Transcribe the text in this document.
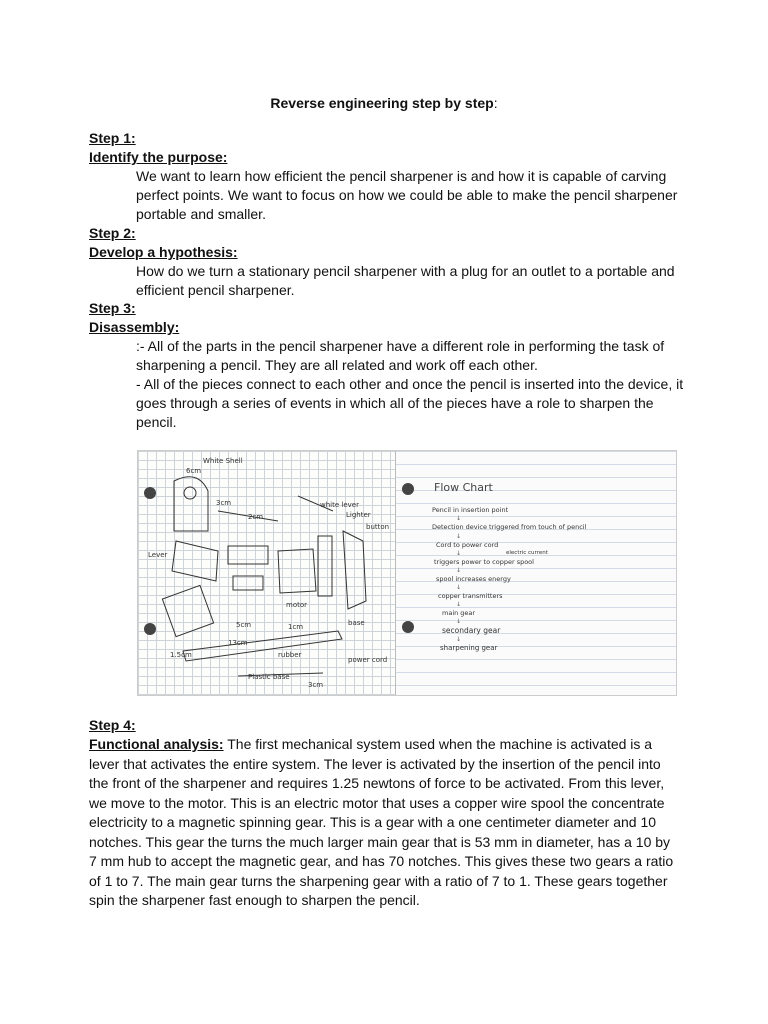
Reverse engineering step by step:
Step 1:
Identify the purpose:
We want to learn how efficient the pencil sharpener is and how it is capable of carving perfect points. We want to focus on how we could be able to make the pencil sharpener portable and smaller.
Step 2:
Develop a hypothesis:
How do we turn a stationary pencil sharpener with a plug for an outlet to a portable and efficient pencil sharpener.
Step 3:
Disassembly:
:- All of the parts in the pencil sharpener have a different role in performing the task of sharpening a pencil. They are all related and work off each other.
- All of the pieces connect to each other and once the pencil is inserted into the device, it goes through a series of events in which all of the pieces have a role to sharpen the pencil.
White Shell
6cm
3cm
2cm
white lever
Lighter
button
motor
base
13cm
3cm
Plastic base
1.5cm
power cord
1cm
5cm
Lever
rubber
Flow Chart
Pencil in insertion point
↓
Detection device triggered from touch of pencil
↓
Cord to power cord
↓	electric current
triggers power to copper spool
↓
spool increases energy
↓
copper transmitters
↓
main gear
↓
secondary gear
↓
sharpening gear
Step 4:
Functional analysis: The first mechanical system used when the machine is activated is a lever that activates the entire system. The lever is activated by the insertion of the pencil into the front of the sharpener and requires 1.25 newtons of force to be activated. From this lever, we move to the motor. This is an electric motor that uses a copper wire spool the concentrate electricity to a magnetic spinning gear. This is a gear with a one centimeter diameter and 10 notches. This gear the turns the much larger main gear that is 53 mm in diameter, has a 10 by 7 mm hub to accept the magnetic gear, and has 70 notches. This gives these two gears a ratio of 1 to 7. The main gear turns the sharpening gear with a ratio of 7 to 1. These gears together spin the sharpener fast enough to sharpen the pencil.
